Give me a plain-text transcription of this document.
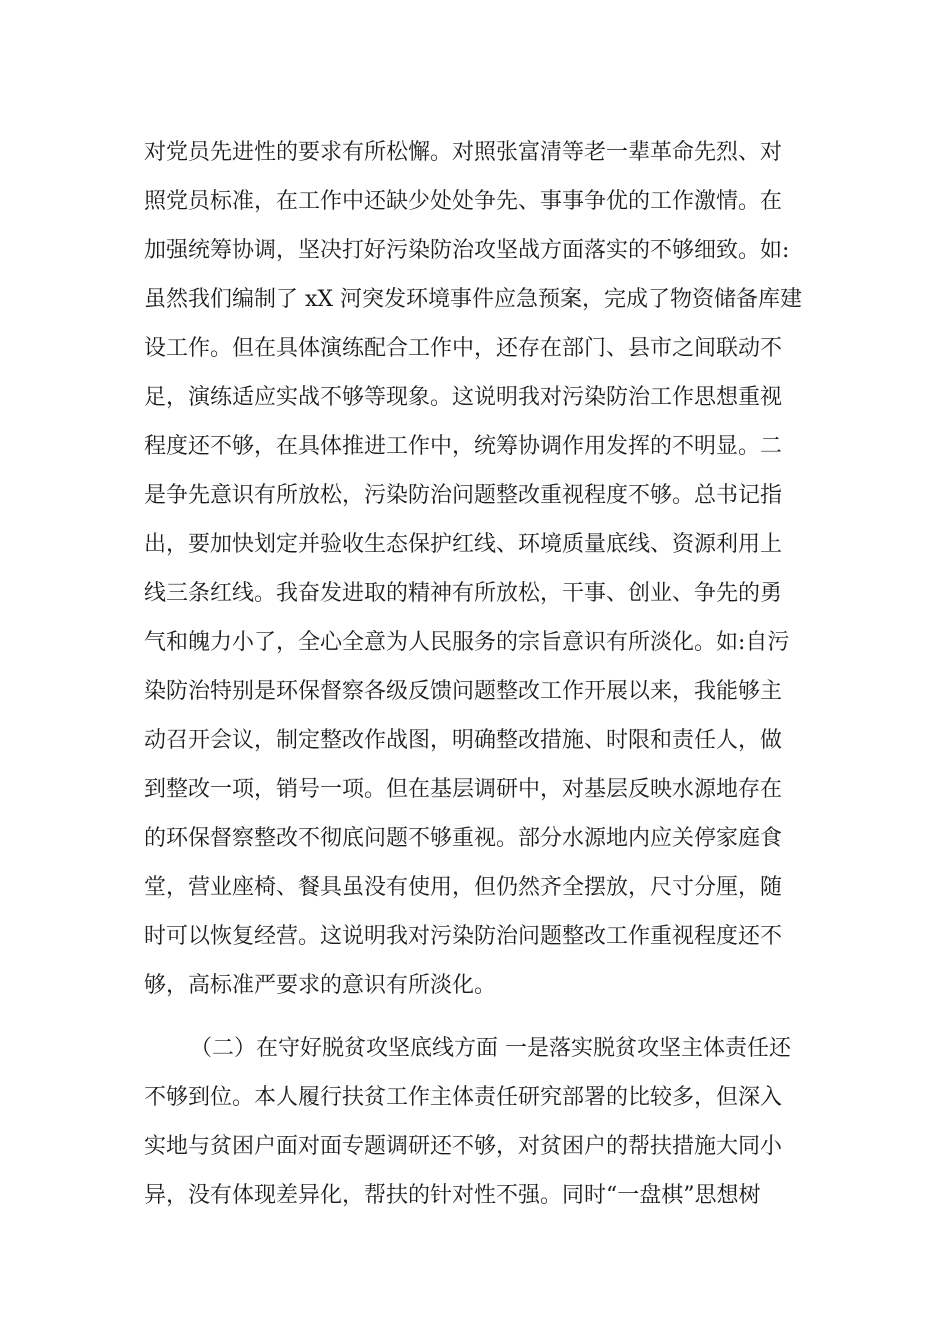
对党员先进性的要求有所松懈。对照张富清等老一辈革命先烈、对
照党员标准，在工作中还缺少处处争先、事事争优的工作激情。在
加强统筹协调，坚决打好污染防治攻坚战方面落实的不够细致。如:
虽然我们编制了 xX 河突发环境事件应急预案，完成了物资储备库建
设工作。但在具体演练配合工作中，还存在部门、县市之间联动不
足，演练适应实战不够等现象。这说明我对污染防治工作思想重视
程度还不够，在具体推进工作中，统筹协调作用发挥的不明显。二
是争先意识有所放松，污染防治问题整改重视程度不够。总书记指
出，要加快划定并验收生态保护红线、环境质量底线、资源利用上
线三条红线。我奋发进取的精神有所放松，干事、创业、争先的勇
气和魄力小了，全心全意为人民服务的宗旨意识有所淡化。如:自污
染防治特别是环保督察各级反馈问题整改工作开展以来，我能够主
动召开会议，制定整改作战图，明确整改措施、时限和责任人，做
到整改一项，销号一项。但在基层调研中，对基层反映水源地存在
的环保督察整改不彻底问题不够重视。部分水源地内应关停家庭食
堂，营业座椅、餐具虽没有使用，但仍然齐全摆放，尺寸分厘，随
时可以恢复经营。这说明我对污染防治问题整改工作重视程度还不
够，高标准严要求的意识有所淡化。
（二）在守好脱贫攻坚底线方面 一是落实脱贫攻坚主体责任还
不够到位。本人履行扶贫工作主体责任研究部署的比较多，但深入
实地与贫困户面对面专题调研还不够，对贫困户的帮扶措施大同小
异，没有体现差异化，帮扶的针对性不强。同时“一盘棋”思想树
